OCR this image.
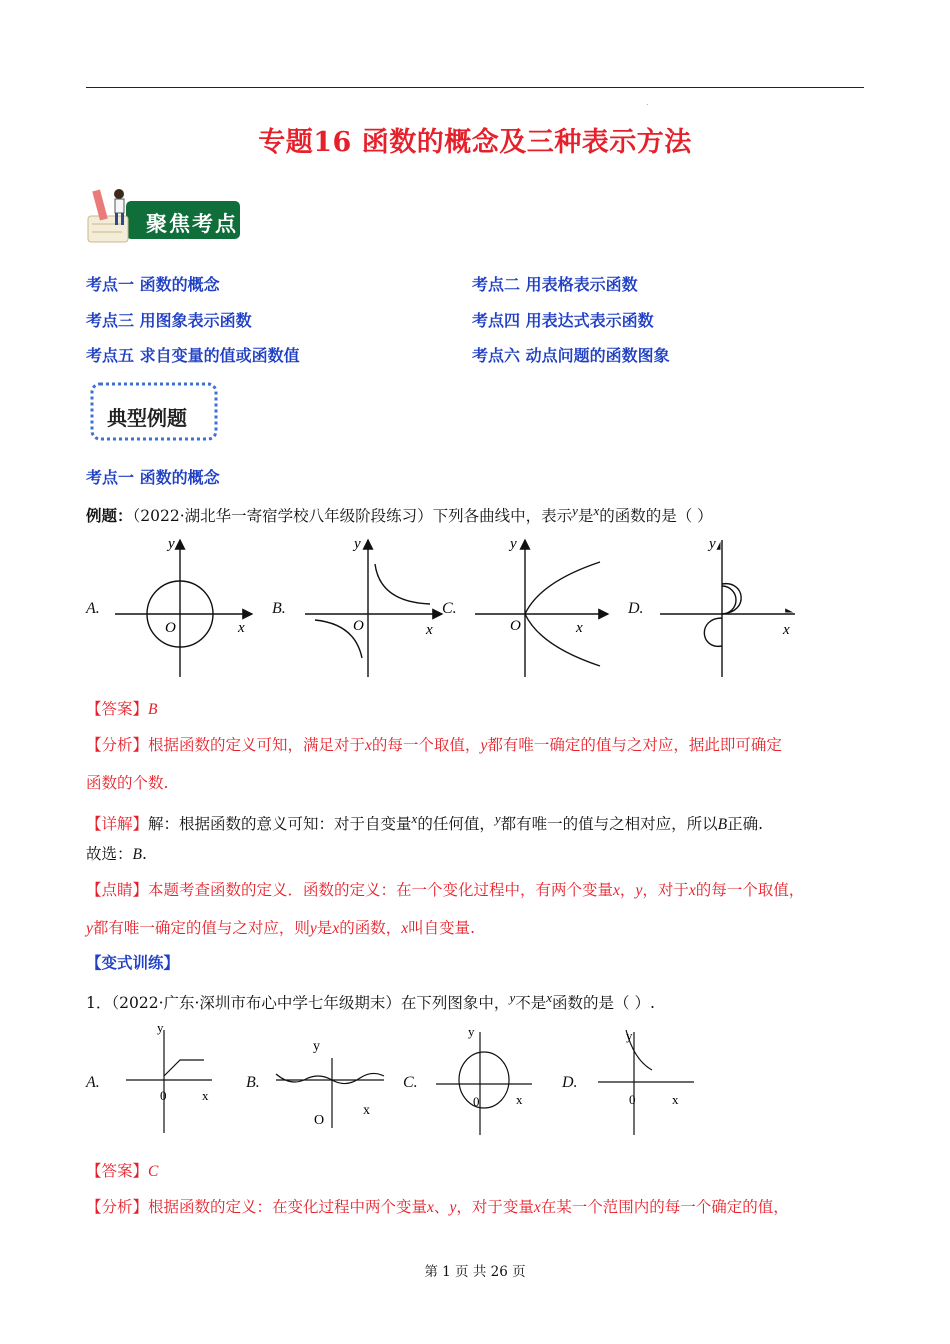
.
专题16 函数的概念及三种表示方法
聚焦考点
考点一 函数的概念	考点二 用表格表示函数
考点三 用图象表示函数	考点四 用表达式表示函数
考点五 求自变量的值或函数值	考点六 动点问题的函数图象
典型例题
考点一 函数的概念
例题：（2022·湖北华一寄宿学校八年级阶段练习）下列各曲线中，表示$^y$是$^x$的函数的是（ ）
A.	B.	C.	D.
O	x
y
O	x
y
O	x
y
x
y
【答案】B
【分析】根据函数的定义可知，满足对于x的每一个取值，y都有唯一确定的值与之对应，据此即可确定
函数的个数.
【详解】解：根据函数的意义可知：对于自变量$^x$的任何值，$^y$都有唯一的值与之相对应，所以B正确.
故选：B.
【点睛】本题考查函数的定义．函数的定义：在一个变化过程中，有两个变量x，y，对于x的每一个取值，
y都有唯一确定的值与之对应，则y是x的函数，x叫自变量.
【变式训练】
1．（2022·广东·深圳市布心中学七年级期末）在下列图象中，$^y$不是$^x$函数的是（ ）.
A.	B.	C.	D.
y
0	x
y
O
x
y
0	x
y
0	x
【答案】C
【分析】根据函数的定义：在变化过程中两个变量x、y，对于变量x在某一个范围内的每一个确定的值，
第 1 页 共 26 页
